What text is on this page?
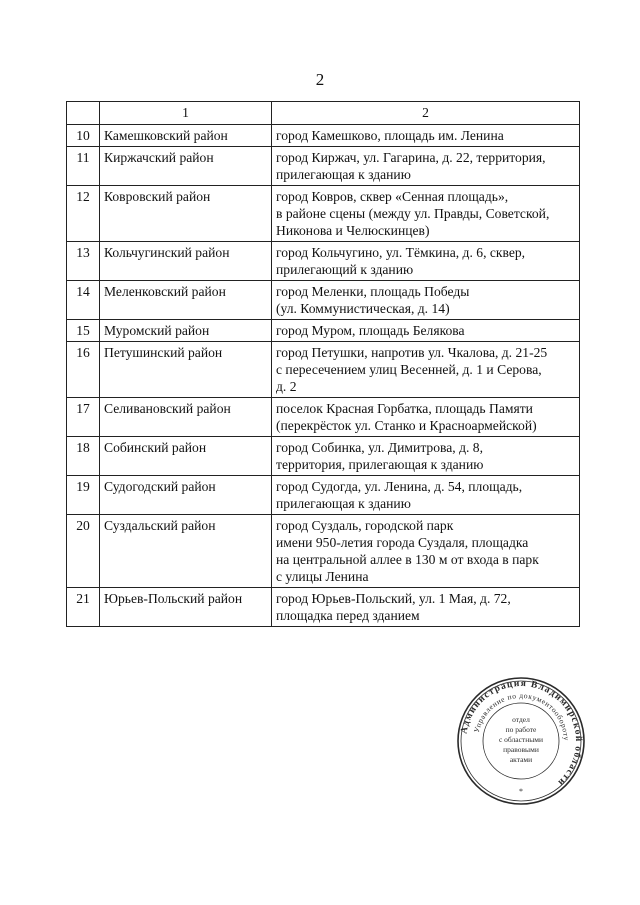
2
	1	2
10	Камешковский район	город Камешково, площадь им. Ленина

11	Киржачский район	город Киржач, ул. Гагарина, д. 22, территория,
прилегающая к зданию

12	Ковровский район	город Ковров, сквер «Сенная площадь»,
в районе сцены (между ул. Правды, Советской,
Никонова и Челюскинцев)

13	Кольчугинский район	город Кольчугино, ул. Тёмкина, д. 6, сквер,
прилегающий к зданию

14	Меленковский район	город Меленки, площадь Победы
(ул. Коммунистическая, д. 14)

15	Муромский район	город Муром, площадь Белякова

16	Петушинский район	город Петушки, напротив ул. Чкалова, д. 21-25
с пересечением улиц Весенней, д. 1 и Серова,
д. 2

17	Селивановский район	поселок Красная Горбатка, площадь Памяти
(перекрёсток ул. Станко и Красноармейской)

18	Собинский район	город Собинка, ул. Димитрова, д. 8,
территория, прилегающая к зданию

19	Судогодский район	город Судогда, ул. Ленина, д. 54, площадь,
прилегающая к зданию

20	Суздальский район	город Суздаль, городской парк
имени 950-летия города Суздаля, площадка
на центральной аллее в 130 м от входа в парк
с улицы Ленина

21	Юрьев-Польский район	город Юрьев-Польский, ул. 1 Мая, д. 72,
площадка перед зданием
Администрация Владимирской области
Управление по документообороту
отдел
по работе
с областными
правовыми
актами
*
